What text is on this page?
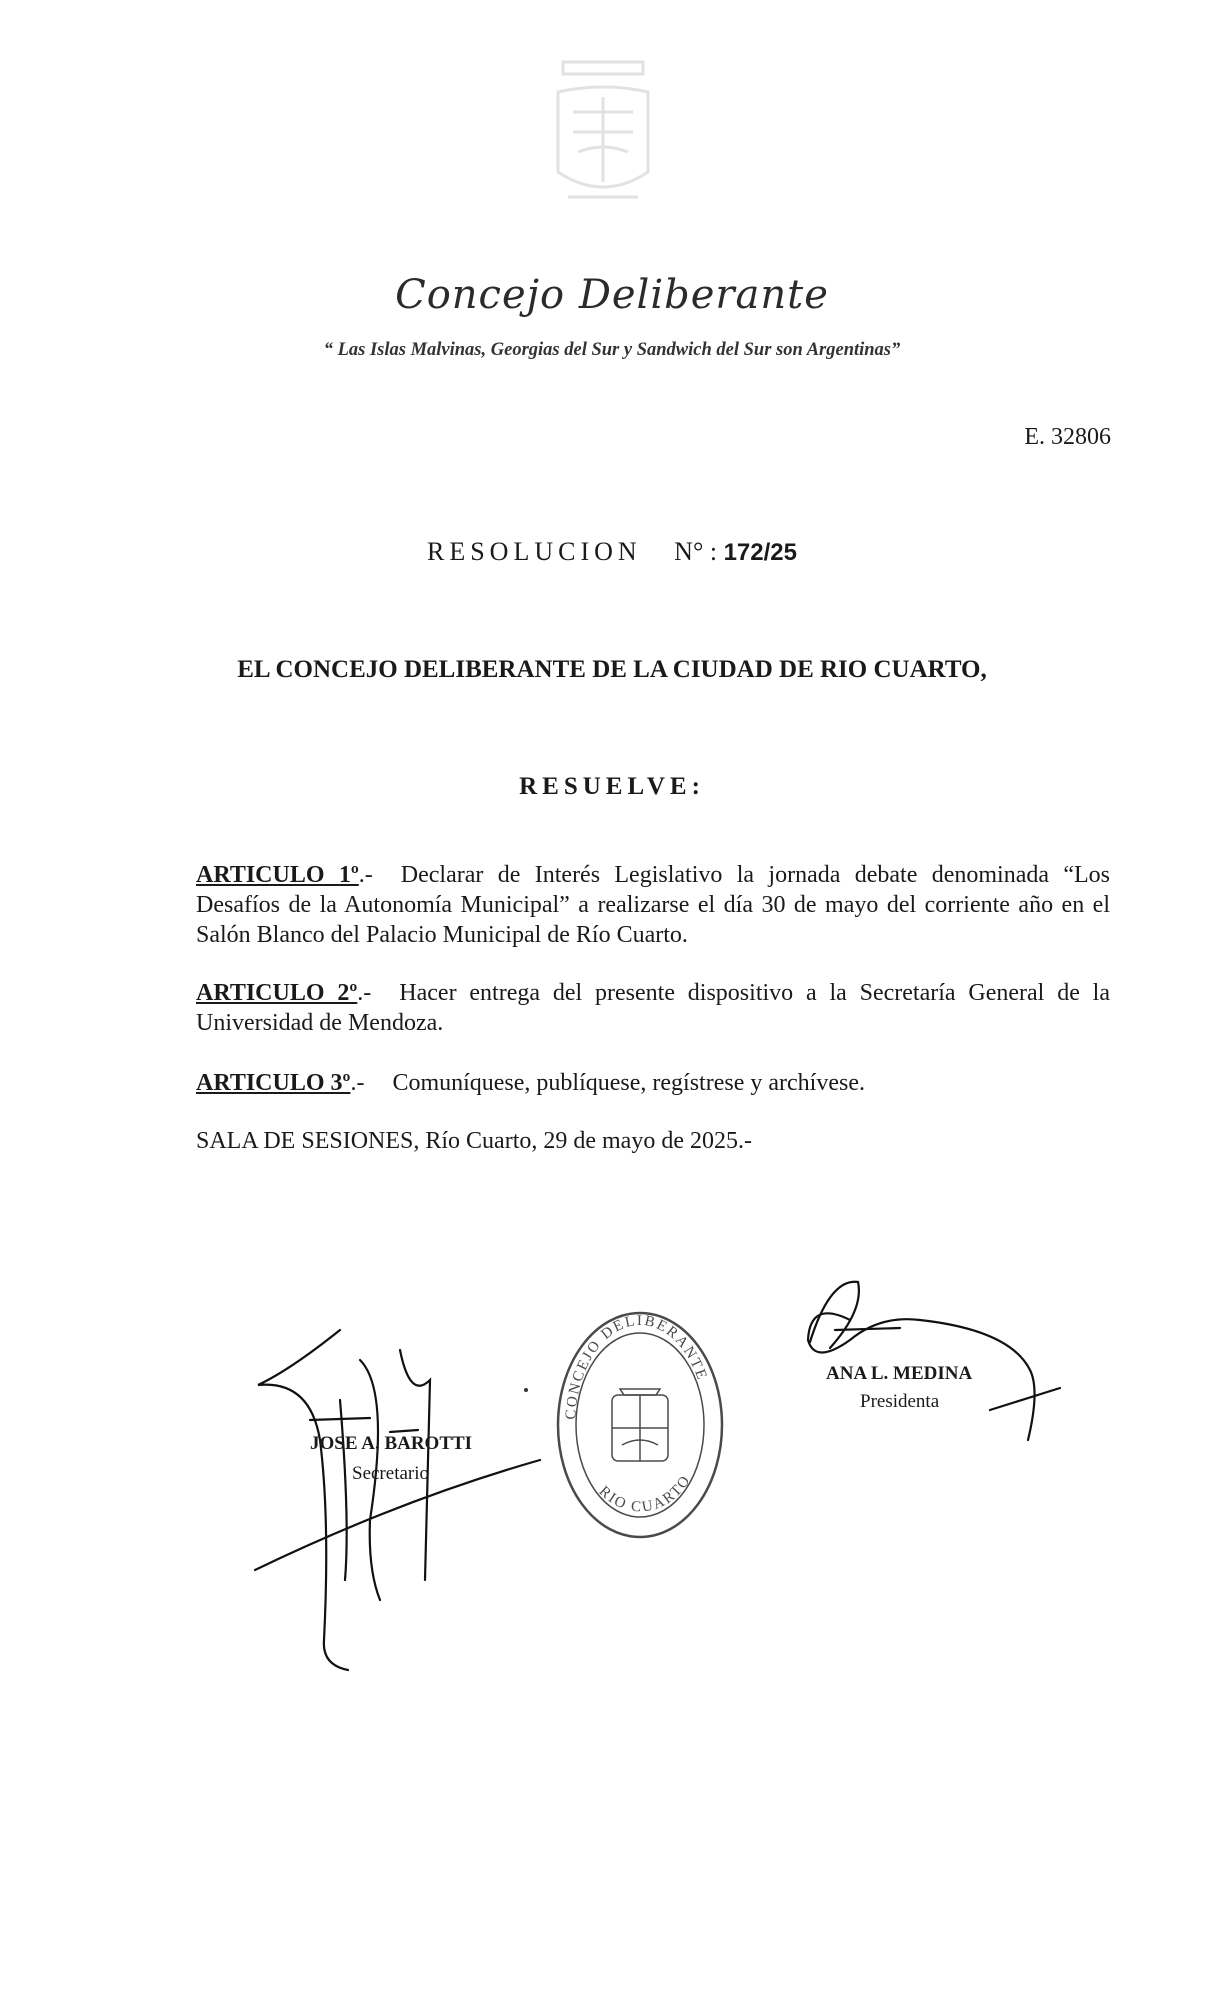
Concejo Deliberante
“ Las Islas Malvinas, Georgias del Sur y Sandwich del Sur son Argentinas”
E. 32806
RESOLUCION N° : 172/25
EL CONCEJO DELIBERANTE DE LA CIUDAD DE RIO CUARTO,
RESUELVE:
ARTICULO 1º.- Declarar de Interés Legislativo la jornada debate denominada “Los Desafíos de la Autonomía Municipal” a realizarse el día 30 de mayo del corriente año en el Salón Blanco del Palacio Municipal de Río Cuarto.
ARTICULO 2º.- Hacer entrega del presente dispositivo a la Secretaría General de la Universidad de Mendoza.
ARTICULO 3º.- Comuníquese, publíquese, regístrese y archívese.
SALA DE SESIONES, Río Cuarto, 29 de mayo de 2025.-
JOSE A. BAROTTI
Secretario
CONCEJO DELIBERANTE
RIO CUARTO
ANA L. MEDINA
Presidenta
